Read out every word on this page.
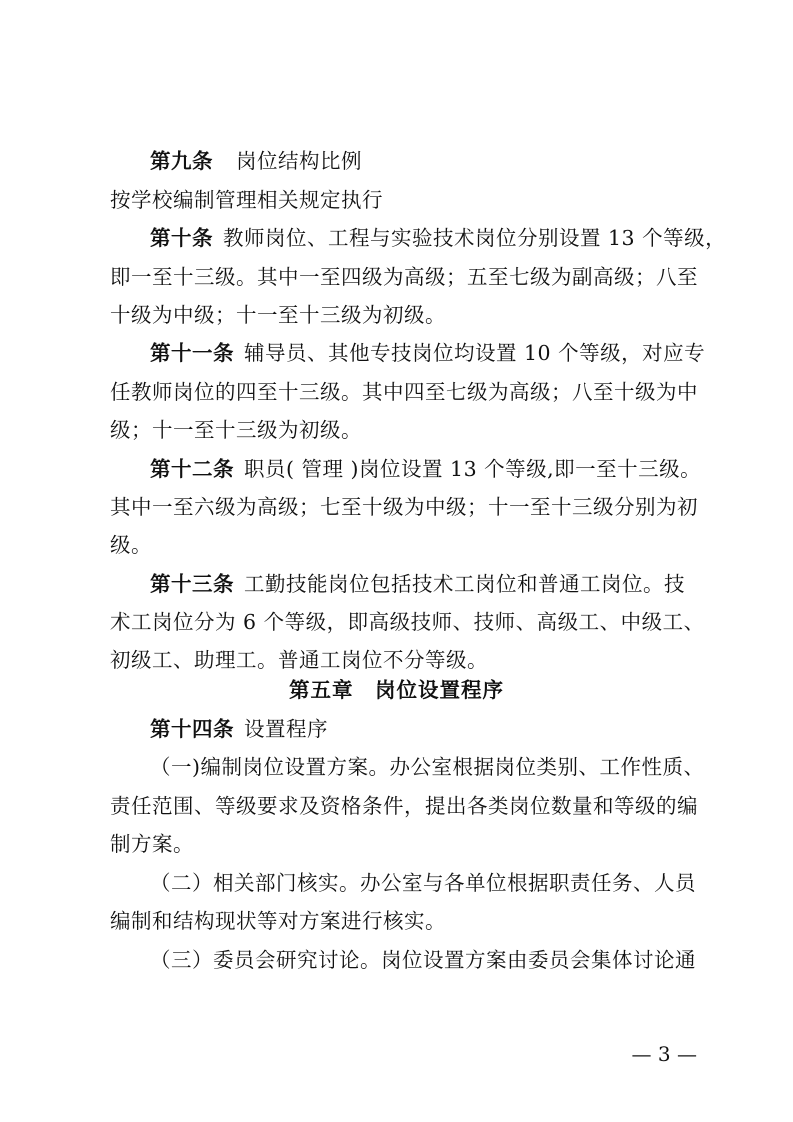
第九条 岗位结构比例
按学校编制管理相关规定执行
第十条 教师岗位、工程与实验技术岗位分别设置 13 个等级，
即一至十三级。其中一至四级为高级；五至七级为副高级；八至
十级为中级；十一至十三级为初级。
第十一条 辅导员、其他专技岗位均设置 10 个等级，对应专
任教师岗位的四至十三级。其中四至七级为高级；八至十级为中
级；十一至十三级为初级。
第十二条 职员( 管理 )岗位设置 13 个等级,即一至十三级。
其中一至六级为高级；七至十级为中级；十一至十三级分别为初
级。
第十三条 工勤技能岗位包括技术工岗位和普通工岗位。技
术工岗位分为 6 个等级，即高级技师、技师、高级工、中级工、
初级工、助理工。普通工岗位不分等级。
第五章　岗位设置程序
第十四条 设置程序
（一)编制岗位设置方案。办公室根据岗位类别、工作性质、
责任范围、等级要求及资格条件，提出各类岗位数量和等级的编
制方案。
（二）相关部门核实。办公室与各单位根据职责任务、人员
编制和结构现状等对方案进行核实。
（三）委员会研究讨论。岗位设置方案由委员会集体讨论通
— 3 —
